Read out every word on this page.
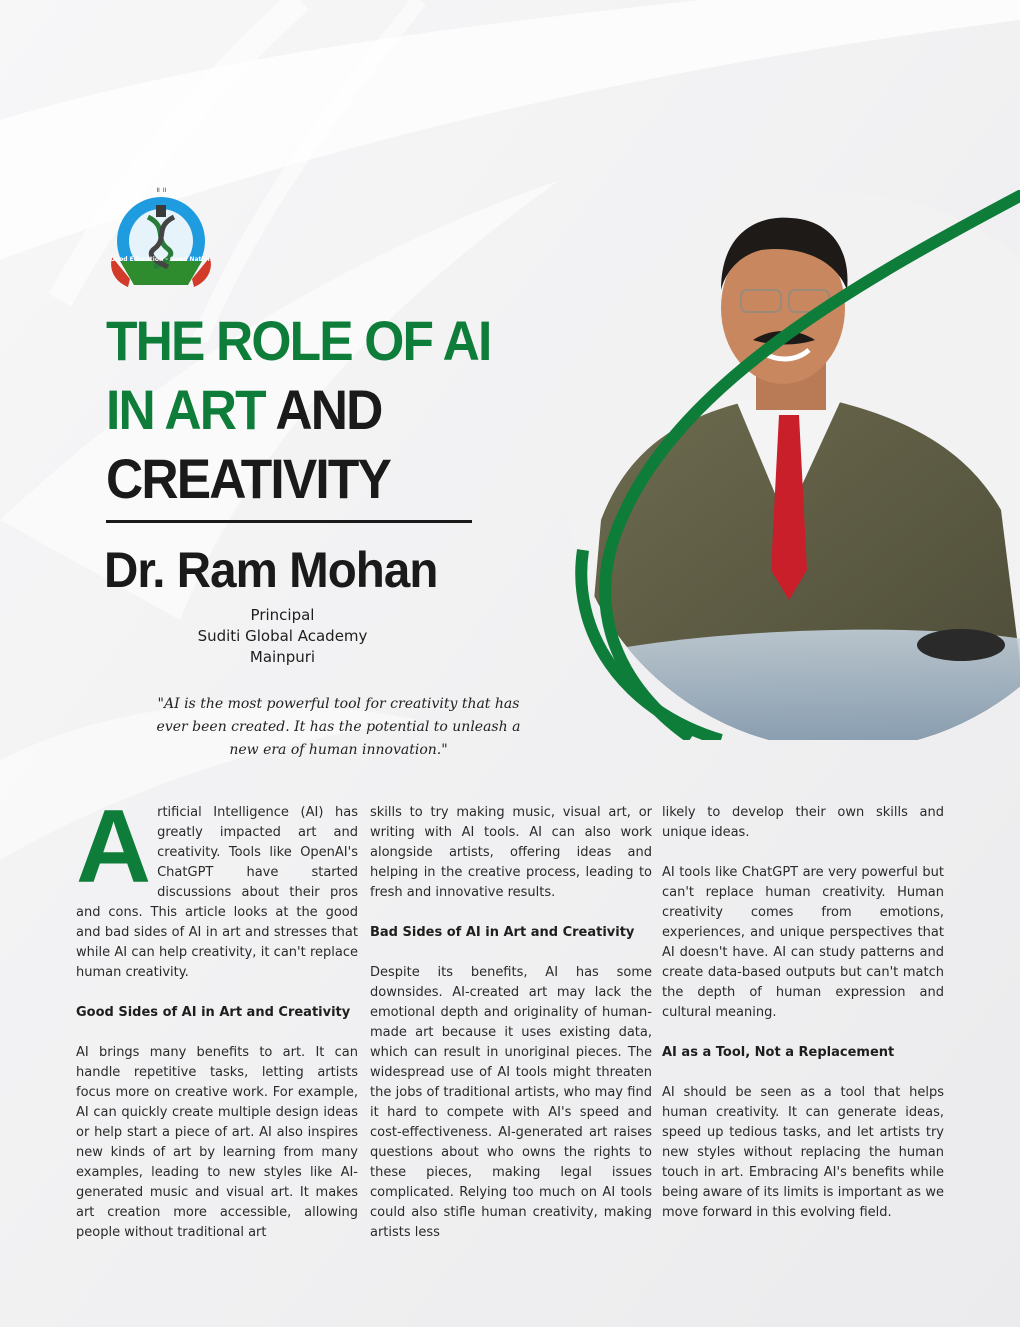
॥ ॥
Good Education - Good Nation
THE ROLE OF AI
IN ART AND
CREATIVITY
Dr. Ram Mohan
Principal
Suditi Global Academy
Mainpuri
"AI is the most powerful tool for creativity that has
ever been created. It has the potential to unleash a
new era of human innovation."

A rtificial Intelligence (AI) has greatly impacted art and creativity. Tools like OpenAI's ChatGPT have started discussions about their pros and cons. This article looks at the good and bad sides of AI in art and stresses that while AI can help creativity, it can't replace human creativity.

Good Sides of AI in Art and Creativity

AI brings many benefits to art. It can handle repetitive tasks, letting artists focus more on creative work. For example, AI can quickly create multiple design ideas or help start a piece of art. AI also inspires new kinds of art by learning from many examples, leading to new styles like AI-generated music and visual art. It makes art creation more accessible, allowing people without traditional art

skills to try making music, visual art, or writing with AI tools. AI can also work alongside artists, offering ideas and helping in the creative process, leading to fresh and innovative results.

Bad Sides of AI in Art and Creativity

Despite its benefits, AI has some downsides. AI-created art may lack the emotional depth and originality of human-made art because it uses existing data, which can result in unoriginal pieces. The widespread use of AI tools might threaten the jobs of traditional artists, who may find it hard to compete with AI's speed and cost-effectiveness. AI-generated art raises questions about who owns the rights to these pieces, making legal issues complicated. Relying too much on AI tools could also stifle human creativity, making artists less

likely to develop their own skills and unique ideas.

AI tools like ChatGPT are very powerful but can't replace human creativity. Human creativity comes from emotions, experiences, and unique perspectives that AI doesn't have. AI can study patterns and create data-based outputs but can't match the depth of human expression and cultural meaning.

AI as a Tool, Not a Replacement

AI should be seen as a tool that helps human creativity. It can generate ideas, speed up tedious tasks, and let artists try new styles without replacing the human touch in art. Embracing AI's benefits while being aware of its limits is important as we move forward in this evolving field.
